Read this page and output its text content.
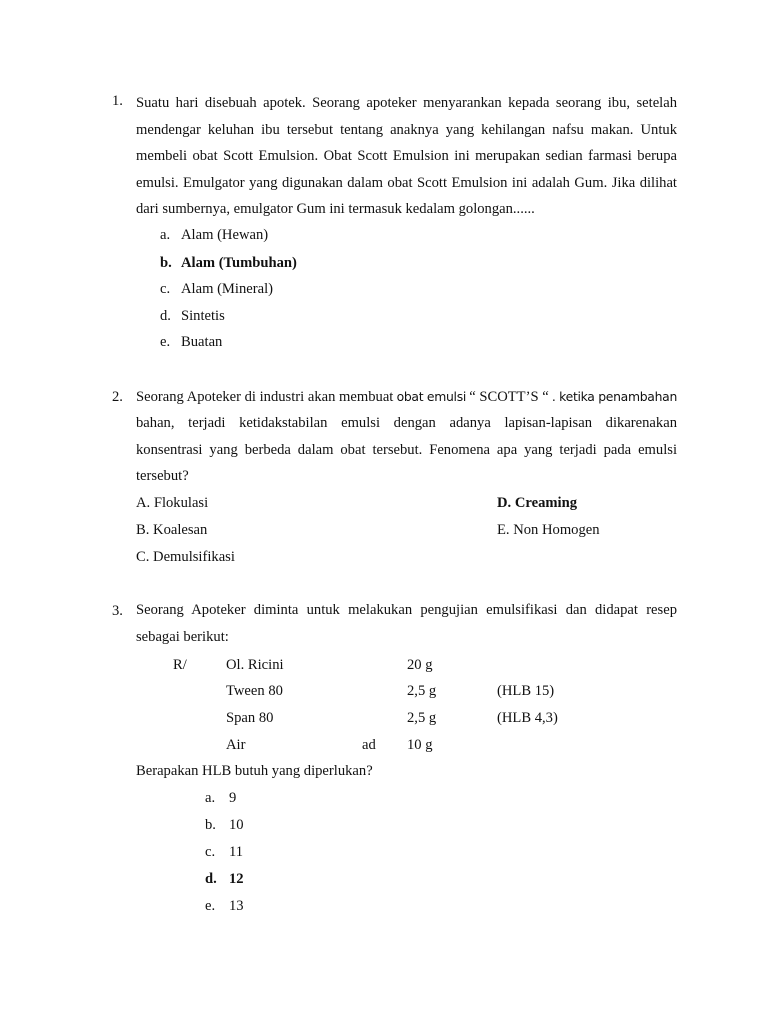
1. Suatu hari disebuah apotek. Seorang apoteker menyarankan kepada seorang ibu, setelah
mendengar keluhan ibu tersebut tentang anaknya yang kehilangan nafsu makan. Untuk
membeli obat Scott Emulsion. Obat Scott Emulsion ini merupakan sedian farmasi berupa
emulsi. Emulgator yang digunakan dalam obat Scott Emulsion ini adalah Gum. Jika dilihat
dari sumbernya, emulgator Gum ini termasuk kedalam golongan......
a. Alam (Hewan)
b. Alam (Tumbuhan)
c. Alam (Mineral)
d. Sintetis
e. Buatan
2. Seorang Apoteker di industri akan membuat obat emulsi “ SCOTT’S “ . ketika penambahan
bahan, terjadi ketidakstabilan emulsi dengan adanya lapisan-lapisan dikarenakan
konsentrasi yang berbeda dalam obat tersebut. Fenomena apa yang terjadi pada emulsi
tersebut?
A. Flokulasi
B. Koalesan
C. Demulsifikasi
D. Creaming
E. Non Homogen
3. Seorang Apoteker diminta untuk melakukan pengujian emulsifikasi dan didapat resep
sebagai berikut:
R/	Ol. Ricini	20 g
Tween 80	2,5 g	(HLB 15)
Span 80	2,5 g	(HLB 4,3)
Air	ad 10 g
Berapakan HLB butuh yang diperlukan?
a. 9
b. 10
c. 11
d. 12
e. 13
